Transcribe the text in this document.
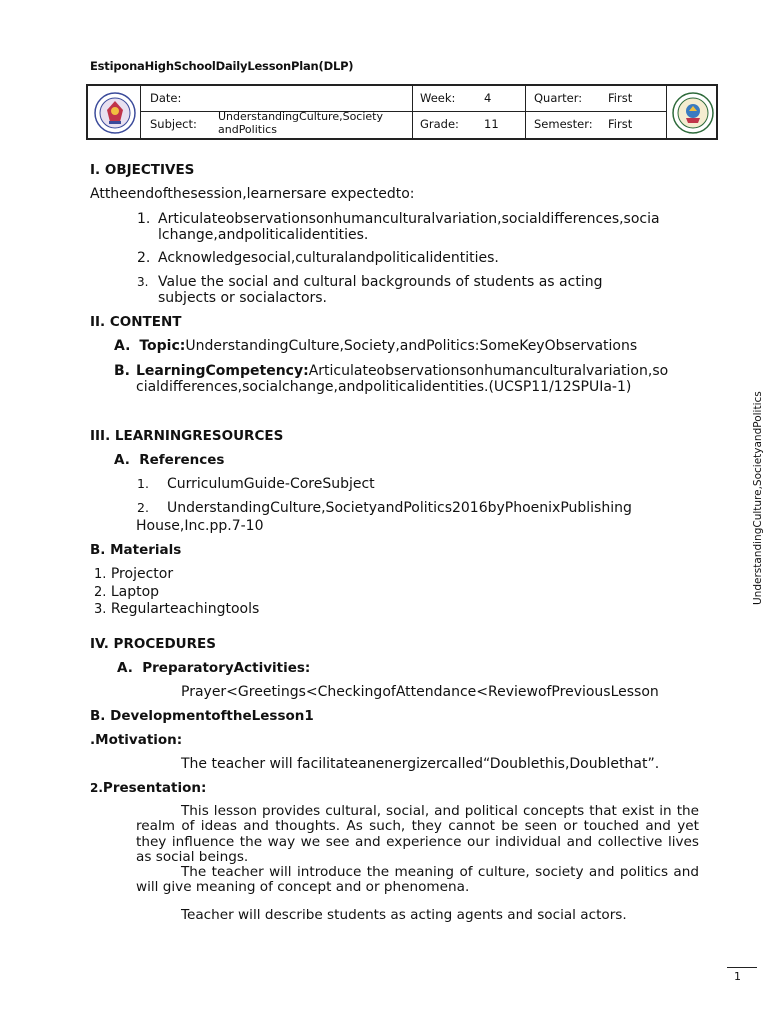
EstiponaHighSchoolDailyLessonPlan(DLP)
Date:
Subject:
UnderstandingCulture,Society andPolitics
Week: 4
Grade: 11
Quarter: First
Semester: First
I. OBJECTIVES
Attheendofthesession,learnersare expectedto:
1. Articulateobservationsonhumanculturalvariation,socialdifferences,socia
lchange,andpoliticalidentities.
2. Acknowledgesocial,culturalandpoliticalidentities.
3. Value the social and cultural backgrounds of students as acting
subjects or socialactors.
II. CONTENT
A. Topic:UnderstandingCulture,Society,andPolitics:SomeKeyObservations
B. LearningCompetency:Articulateobservationsonhumanculturalvariation,so
cialdifferences,socialchange,andpoliticalidentities.(UCSP11/12SPUIa-1)
III. LEARNINGRESOURCES
A. References
1. CurriculumGuide-CoreSubject
2. UnderstandingCulture,SocietyandPolitics2016byPhoenixPublishing
House,Inc.pp.7-10
B. Materials
1. Projector
2. Laptop
3. Regularteachingtools
IV. PROCEDURES
A. PreparatoryActivities:
Prayer<Greetings<CheckingofAttendance<ReviewofPreviousLesson
B. DevelopmentoftheLesson1
.Motivation:
The teacher will facilitateanenergizercalled“Doublethis,Doublethat”.
2.Presentation:
This lesson provides cultural, social, and political concepts that exist in the realm of ideas and thoughts. As such, they cannot be seen or touched and yet they influence the way we see and experience our individual and collective lives as social beings.
The teacher will introduce the meaning of culture, society and politics and will give meaning of concept and or phenomena.
Teacher will describe students as acting agents and social actors.
UnderstandingCulture,SocietyandPolitics
1
